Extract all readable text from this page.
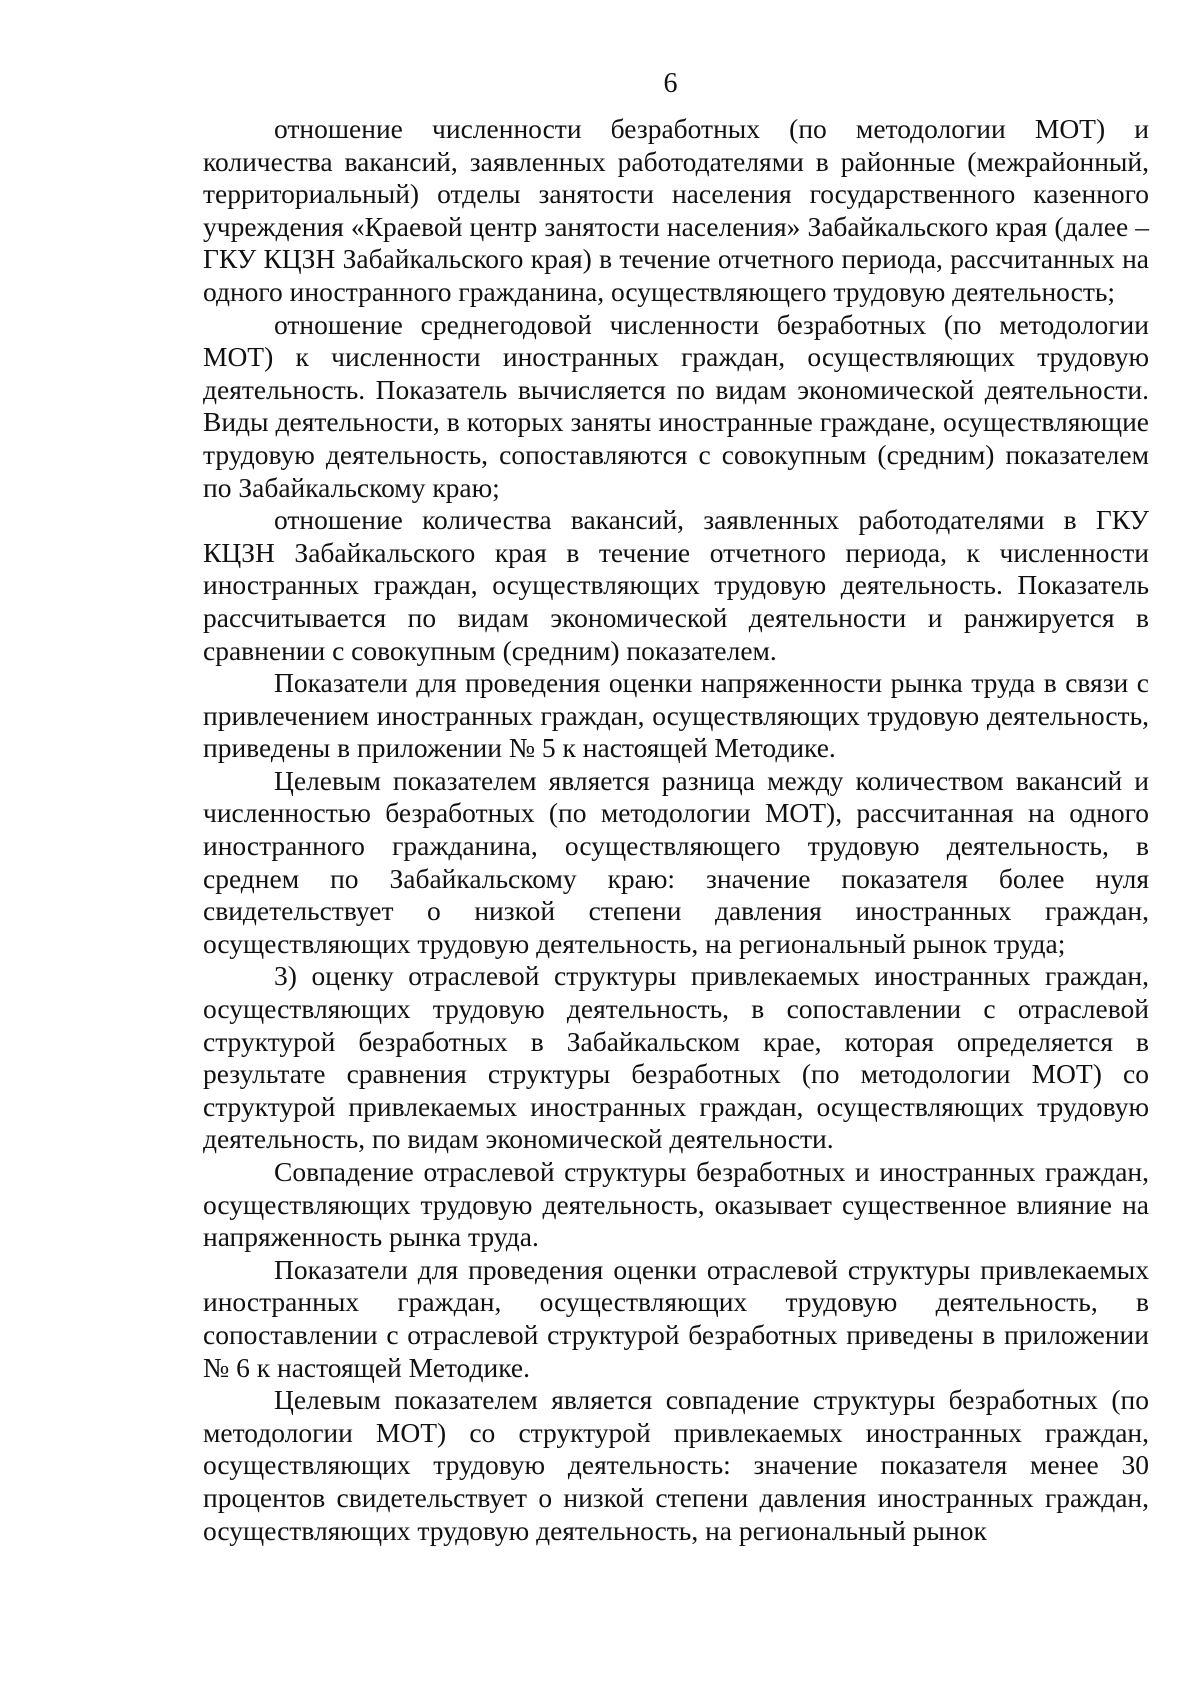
6

отношение численности безработных (по методологии МОТ) и количества вакансий, заявленных работодателями в районные (межрайонный, территориальный) отделы занятости населения государственного казенного учреждения «Краевой центр занятости населения» Забайкальского края (далее – ГКУ КЦЗН Забайкальского края) в течение отчетного периода, рассчитанных на одного иностранного гражданина, осуществляющего трудовую деятельность;

отношение среднегодовой численности безработных (по методологии МОТ) к численности иностранных граждан, осуществляющих трудовую деятельность. Показатель вычисляется по видам экономической деятельности. Виды деятельности, в которых заняты иностранные граждане, осуществляющие трудовую деятельность, сопоставляются с совокупным (средним) показателем по Забайкальскому краю;

отношение количества вакансий, заявленных работодателями в ГКУ КЦЗН Забайкальского края в течение отчетного периода, к численности иностранных граждан, осуществляющих трудовую деятельность. Показатель рассчитывается по видам экономической деятельности и ранжируется в сравнении с совокупным (средним) показателем.

Показатели для проведения оценки напряженности рынка труда в связи с привлечением иностранных граждан, осуществляющих трудовую деятельность, приведены в приложении № 5 к настоящей Методике.

Целевым показателем является разница между количеством вакансий и численностью безработных (по методологии МОТ), рассчитанная на одного иностранного гражданина, осуществляющего трудовую деятельность, в среднем по Забайкальскому краю: значение показателя более нуля свидетельствует о низкой степени давления иностранных граждан, осуществляющих трудовую деятельность, на региональный рынок труда;

3) оценку отраслевой структуры привлекаемых иностранных граждан, осуществляющих трудовую деятельность, в сопоставлении с отраслевой структурой безработных в Забайкальском крае, которая определяется в результате сравнения структуры безработных (по методологии МОТ) со структурой привлекаемых иностранных граждан, осуществляющих трудовую деятельность, по видам экономической деятельности.

Совпадение отраслевой структуры безработных и иностранных граждан, осуществляющих трудовую деятельность, оказывает существенное влияние на напряженность рынка труда.

Показатели для проведения оценки отраслевой структуры привлекаемых иностранных граждан, осуществляющих трудовую деятельность, в сопоставлении с отраслевой структурой безработных приведены в приложении № 6 к настоящей Методике.

Целевым показателем является совпадение структуры безработных (по методологии МОТ) со структурой привлекаемых иностранных граждан, осуществляющих трудовую деятельность: значение показателя менее 30 процентов свидетельствует о низкой степени давления иностранных граждан, осуществляющих трудовую деятельность, на региональный рынок
